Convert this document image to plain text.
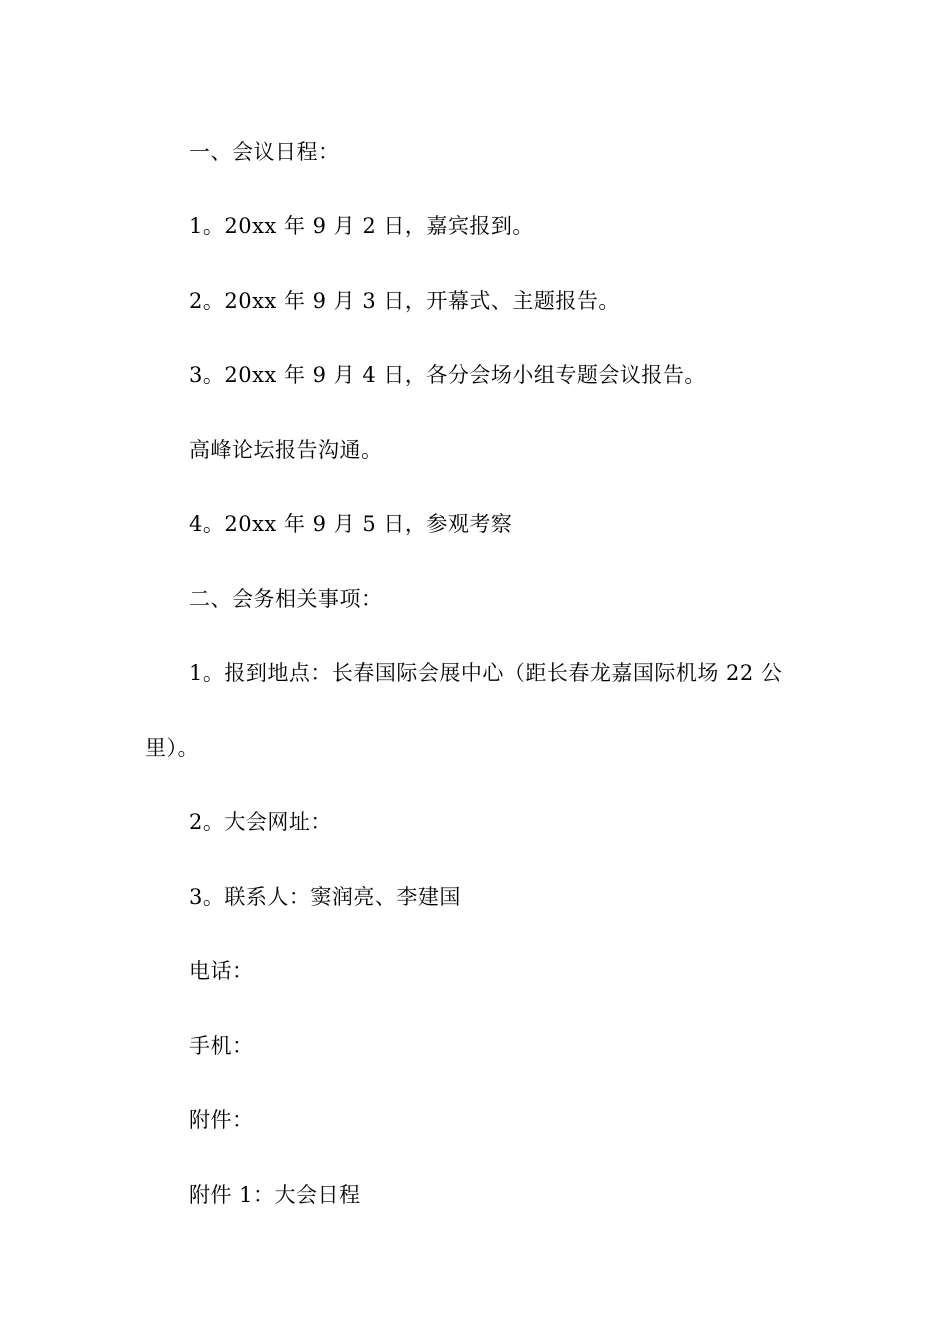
一、会议日程：
1。20xx 年 9 月 2 日，嘉宾报到。
2。20xx 年 9 月 3 日，开幕式、主题报告。
3。20xx 年 9 月 4 日，各分会场小组专题会议报告。
高峰论坛报告沟通。
4。20xx 年 9 月 5 日，参观考察
二、会务相关事项：
1。报到地点：长春国际会展中心（距长春龙嘉国际机场 22 公
里）。
2。大会网址：
3。联系人：窦润亮、李建国
电话：
手机：
附件：
附件 1：大会日程
